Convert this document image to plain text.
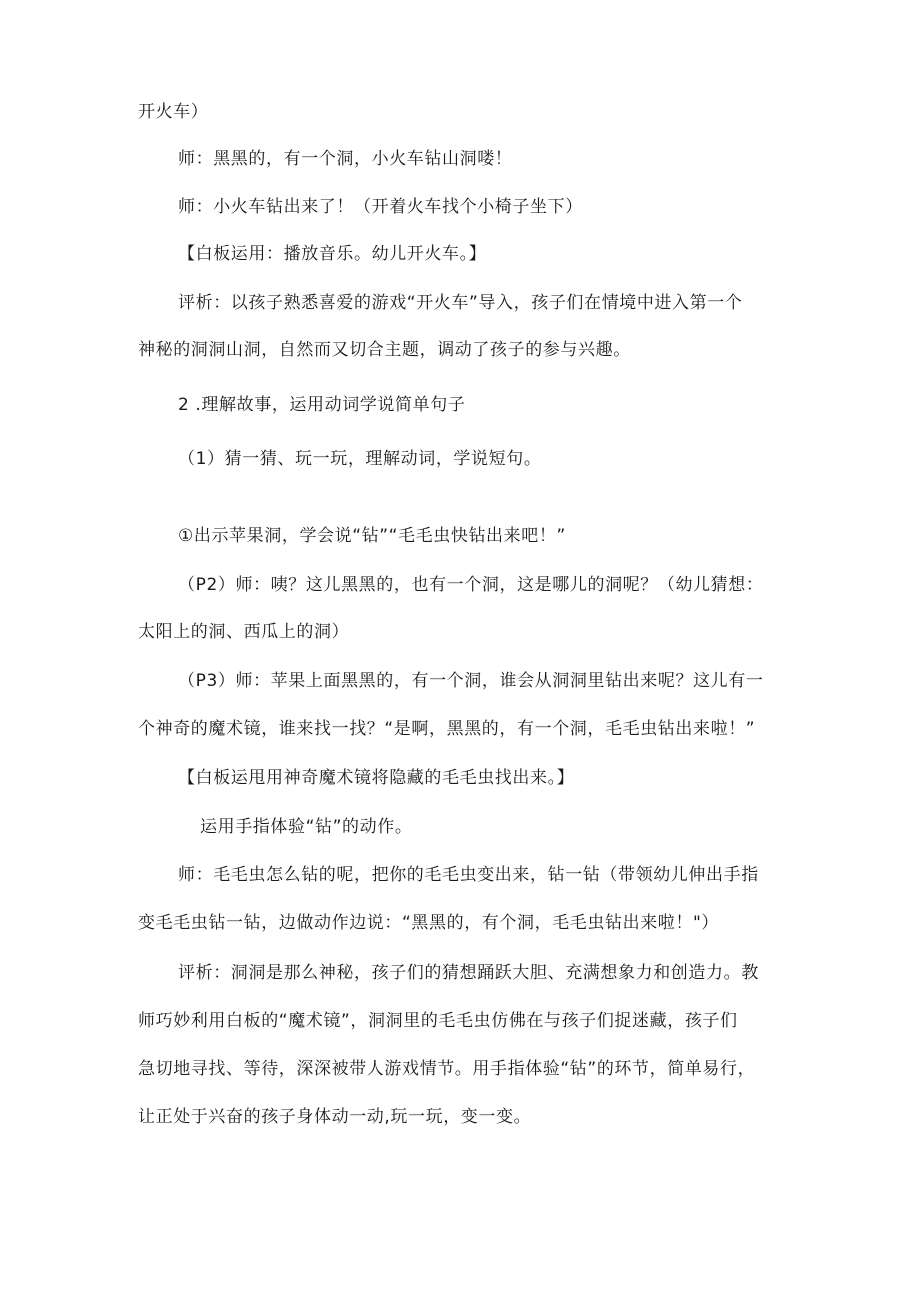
开火车）
师：黑黑的，有一个洞，小火车钻山洞喽！
师：小火车钻出来了！（开着火车找个小椅子坐下）
【白板运用：播放音乐。幼儿开火车。】
评析：以孩子熟悉喜爱的游戏“开火车”导入，孩子们在情境中进入第一个
神秘的洞洞山洞，自然而又切合主题，调动了孩子的参与兴趣。
2 .理解故事，运用动词学说简单句子
（1）猜一猜、玩一玩，理解动词，学说短句。
①出示苹果洞，学会说“钻”“毛毛虫快钻出来吧！”
（P2）师：咦？这儿黑黑的，也有一个洞，这是哪儿的洞呢？（幼儿猜想：
太阳上的洞、西瓜上的洞）
（P3）师：苹果上面黑黑的，有一个洞，谁会从洞洞里钻出来呢？这儿有一
个神奇的魔术镜，谁来找一找？“是啊，黑黑的，有一个洞，毛毛虫钻出来啦！”
【白板运甩用神奇魔术镜将隐藏的毛毛虫找出来。】
运用手指体验“钻”的动作。
师：毛毛虫怎么钻的呢，把你的毛毛虫变出来，钻一钻（带领幼儿伸出手指
变毛毛虫钻一钻，边做动作边说：“黑黑的，有个洞，毛毛虫钻出来啦！"）
评析：洞洞是那么神秘，孩子们的猜想踊跃大胆、充满想象力和创造力。教
师巧妙利用白板的“魔术镜”，洞洞里的毛毛虫仿佛在与孩子们捉迷藏，孩子们
急切地寻找、等待，深深被带人游戏情节。用手指体验“钻”的环节，简单易行，
让正处于兴奋的孩子身体动一动,玩一玩，变一变。
